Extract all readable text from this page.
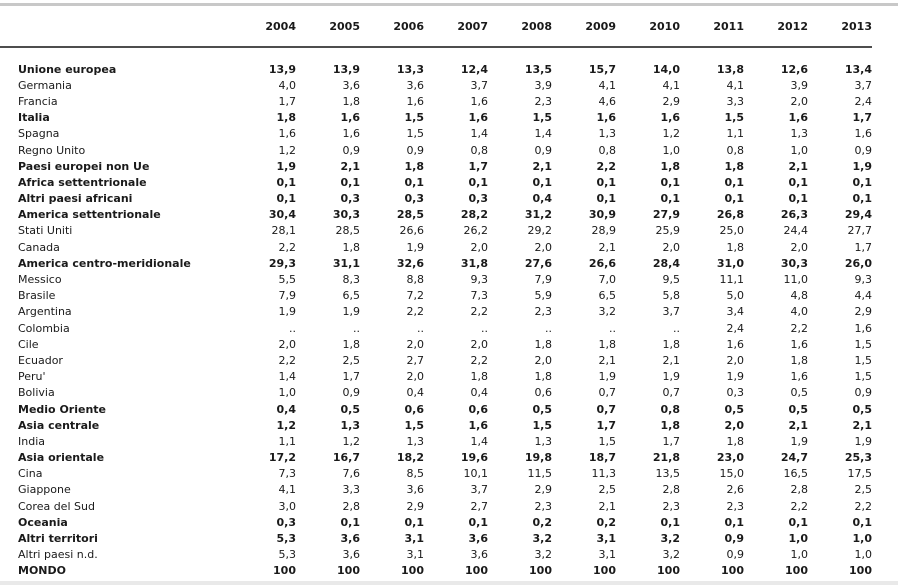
	2004	2005	2006	2007	2008	2009	2010	2011	2012	2013
Unione europea	13,9	13,9	13,3	12,4	13,5	15,7	14,0	13,8	12,6	13,4
Germania	4,0	3,6	3,6	3,7	3,9	4,1	4,1	4,1	3,9	3,7
Francia	1,7	1,8	1,6	1,6	2,3	4,6	2,9	3,3	2,0	2,4
Italia	1,8	1,6	1,5	1,6	1,5	1,6	1,6	1,5	1,6	1,7
Spagna	1,6	1,6	1,5	1,4	1,4	1,3	1,2	1,1	1,3	1,6
Regno Unito	1,2	0,9	0,9	0,8	0,9	0,8	1,0	0,8	1,0	0,9
Paesi europei non Ue	1,9	2,1	1,8	1,7	2,1	2,2	1,8	1,8	2,1	1,9
Africa settentrionale	0,1	0,1	0,1	0,1	0,1	0,1	0,1	0,1	0,1	0,1
Altri paesi africani	0,1	0,3	0,3	0,3	0,4	0,1	0,1	0,1	0,1	0,1
America settentrionale	30,4	30,3	28,5	28,2	31,2	30,9	27,9	26,8	26,3	29,4
Stati Uniti	28,1	28,5	26,6	26,2	29,2	28,9	25,9	25,0	24,4	27,7
Canada	2,2	1,8	1,9	2,0	2,0	2,1	2,0	1,8	2,0	1,7
America centro-meridionale	29,3	31,1	32,6	31,8	27,6	26,6	28,4	31,0	30,3	26,0
Messico	5,5	8,3	8,8	9,3	7,9	7,0	9,5	11,1	11,0	9,3
Brasile	7,9	6,5	7,2	7,3	5,9	6,5	5,8	5,0	4,8	4,4
Argentina	1,9	1,9	2,2	2,2	2,3	3,2	3,7	3,4	4,0	2,9
Colombia	..	..	..	..	..	..	..	2,4	2,2	1,6
Cile	2,0	1,8	2,0	2,0	1,8	1,8	1,8	1,6	1,6	1,5
Ecuador	2,2	2,5	2,7	2,2	2,0	2,1	2,1	2,0	1,8	1,5
Peru'	1,4	1,7	2,0	1,8	1,8	1,9	1,9	1,9	1,6	1,5
Bolivia	1,0	0,9	0,4	0,4	0,6	0,7	0,7	0,3	0,5	0,9
Medio Oriente	0,4	0,5	0,6	0,6	0,5	0,7	0,8	0,5	0,5	0,5
Asia centrale	1,2	1,3	1,5	1,6	1,5	1,7	1,8	2,0	2,1	2,1
India	1,1	1,2	1,3	1,4	1,3	1,5	1,7	1,8	1,9	1,9
Asia orientale	17,2	16,7	18,2	19,6	19,8	18,7	21,8	23,0	24,7	25,3
Cina	7,3	7,6	8,5	10,1	11,5	11,3	13,5	15,0	16,5	17,5
Giappone	4,1	3,3	3,6	3,7	2,9	2,5	2,8	2,6	2,8	2,5
Corea del Sud	3,0	2,8	2,9	2,7	2,3	2,1	2,3	2,3	2,2	2,2
Oceania	0,3	0,1	0,1	0,1	0,2	0,2	0,1	0,1	0,1	0,1
Altri territori	5,3	3,6	3,1	3,6	3,2	3,1	3,2	0,9	1,0	1,0
Altri paesi n.d.	5,3	3,6	3,1	3,6	3,2	3,1	3,2	0,9	1,0	1,0
MONDO	100	100	100	100	100	100	100	100	100	100
